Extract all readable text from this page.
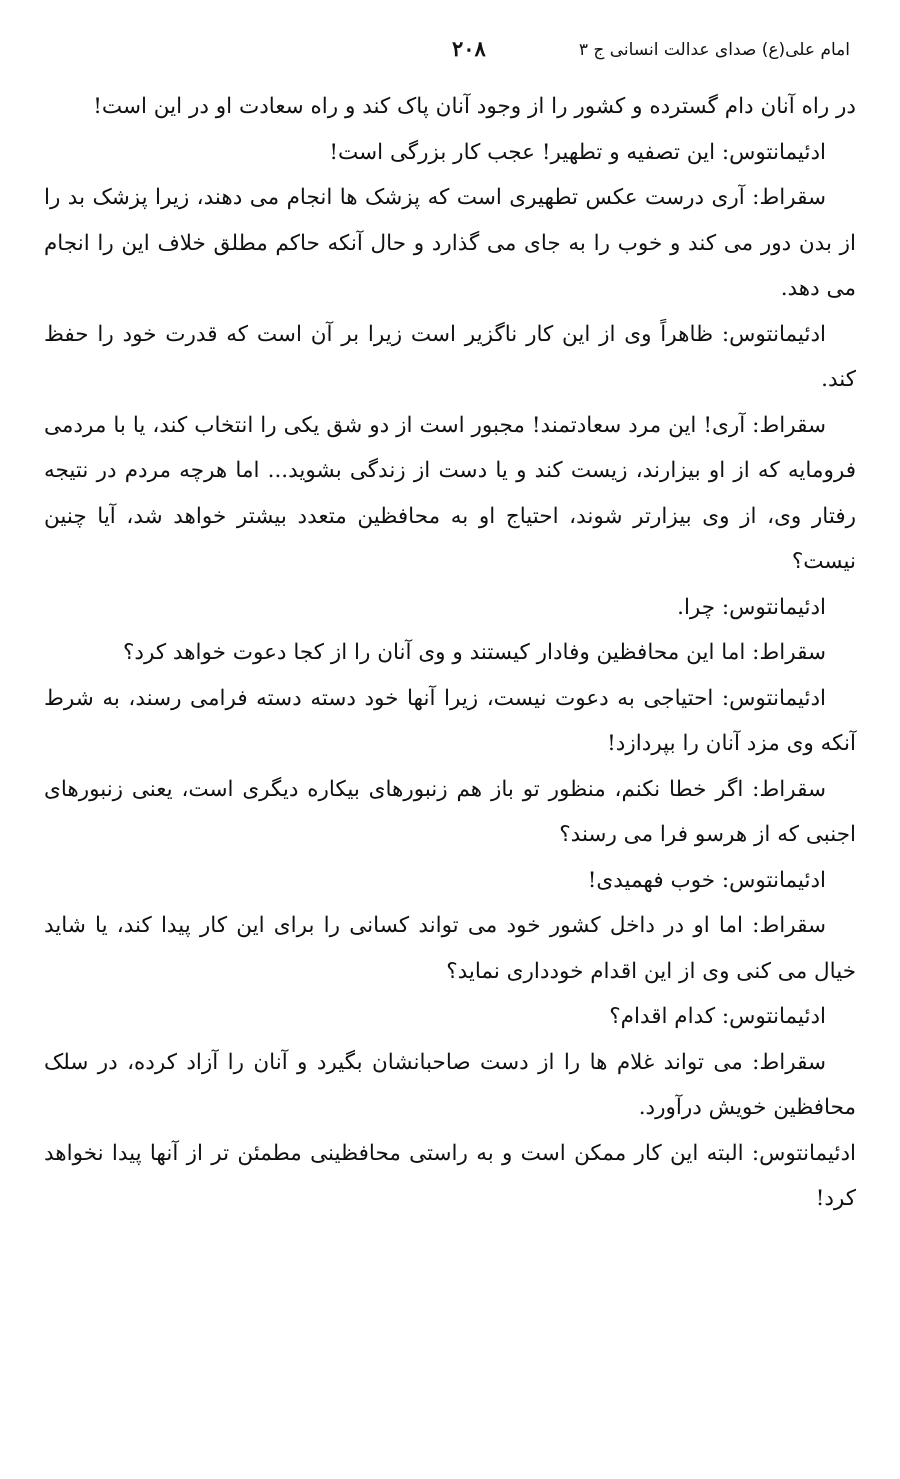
امام علی(ع) صدای عدالت انسانی ج ۳
۲۰۸

در راه آنان دام گسترده و کشور را از وجود آنان پاک کند و راه سعادت او در این است!

ادئیمانتوس: این تصفیه و تطهیر! عجب کار بزرگی است!

سقراط: آری درست عکس تطهیری است که پزشک ها انجام می دهند، زیرا پزشک بد را از بدن دور می کند و خوب را به جای می گذارد و حال آنکه حاکم مطلق خلاف این را انجام می دهد.

ادئیمانتوس: ظاهراً وی از این کار ناگزیر است زیرا بر آن است که قدرت خود را حفظ کند.

سقراط: آری! این مرد سعادتمند! مجبور است از دو شق یکی را انتخاب کند، یا با مردمی فرومایه که از او بیزارند، زیست کند و یا دست از زندگی بشوید... اما هرچه مردم در نتیجه رفتار وی، از وی بیزارتر شوند، احتیاج او به محافظین متعدد بیشتر خواهد شد، آیا چنین نیست؟

ادئیمانتوس: چرا.

سقراط: اما این محافظین وفادار کیستند و وی آنان را از کجا دعوت خواهد کرد؟

ادئیمانتوس: احتیاجی به دعوت نیست، زیرا آنها خود دسته دسته فرامی رسند، به شرط آنکه وی مزد آنان را بپردازد!

سقراط: اگر خطا نکنم، منظور تو باز هم زنبورهای بیکاره دیگری است، یعنی زنبورهای اجنبی که از هرسو فرا می رسند؟

ادئیمانتوس: خوب فهمیدی!

سقراط: اما او در داخل کشور خود می تواند کسانی را برای این کار پیدا کند، یا شاید خیال می کنی وی از این اقدام خودداری نماید؟

ادئیمانتوس: کدام اقدام؟

سقراط: می تواند غلام ها را از دست صاحبانشان بگیرد و آنان را آزاد کرده، در سلک محافظین خویش درآورد.

ادئیمانتوس: البته این کار ممکن است و به راستی محافظینی مطمئن تر از آنها پیدا نخواهد کرد!
